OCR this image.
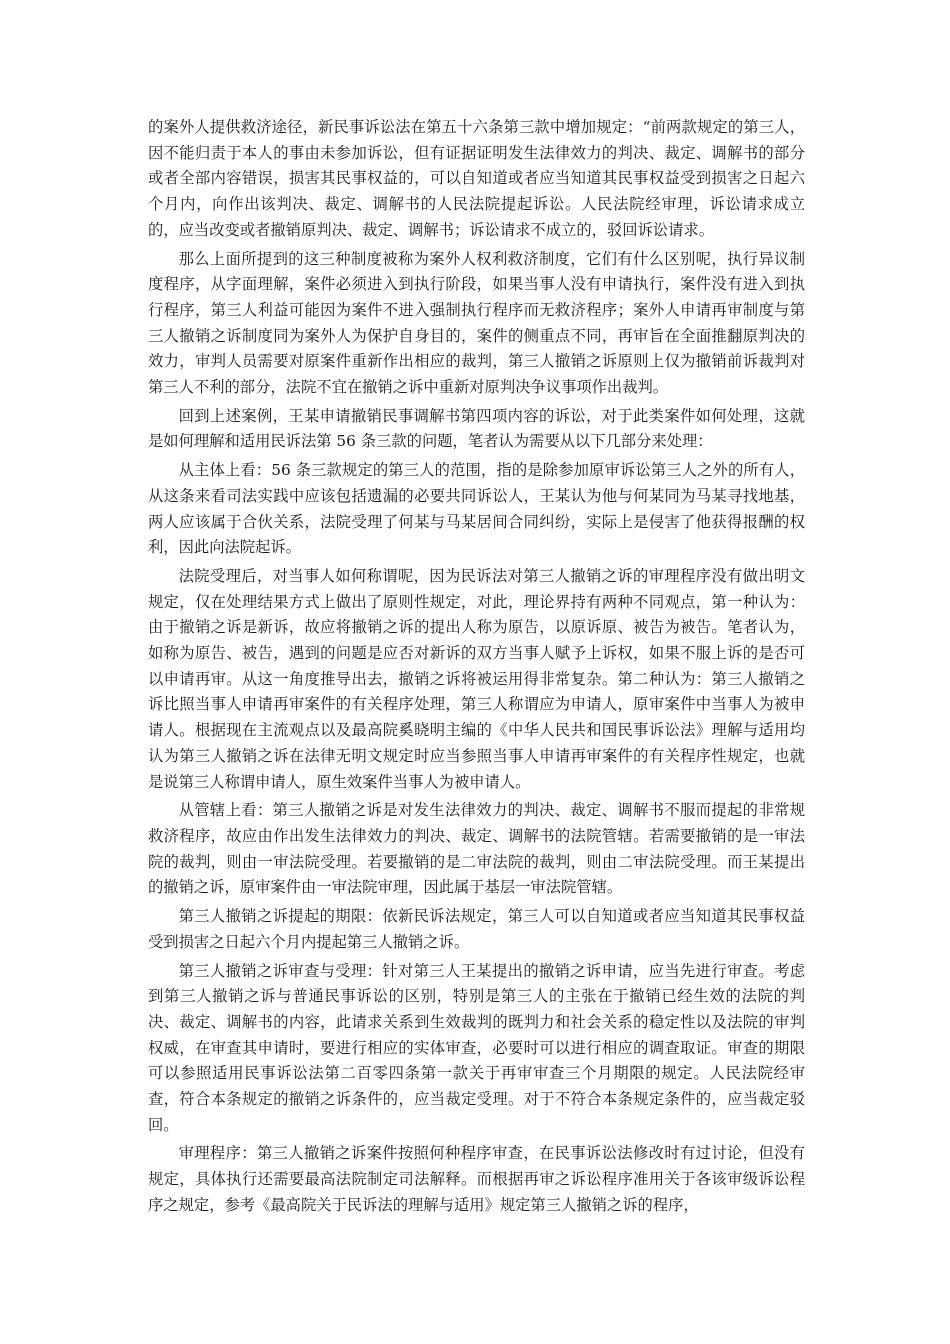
的案外人提供救济途径，新民事诉讼法在第五十六条第三款中增加规定：“前两款规定的第三人，因不能归责于本人的事由未参加诉讼，但有证据证明发生法律效力的判决、裁定、调解书的部分或者全部内容错误，损害其民事权益的，可以自知道或者应当知道其民事权益受到损害之日起六个月内，向作出该判决、裁定、调解书的人民法院提起诉讼。人民法院经审理，诉讼请求成立的，应当改变或者撤销原判决、裁定、调解书；诉讼请求不成立的，驳回诉讼请求。

那么上面所提到的这三种制度被称为案外人权利救济制度，它们有什么区别呢，执行异议制度程序，从字面理解，案件必须进入到执行阶段，如果当事人没有申请执行，案件没有进入到执行程序，第三人利益可能因为案件不进入强制执行程序而无救济程序；案外人申请再审制度与第三人撤销之诉制度同为案外人为保护自身目的，案件的侧重点不同，再审旨在全面推翻原判决的效力，审判人员需要对原案件重新作出相应的裁判，第三人撤销之诉原则上仅为撤销前诉裁判对第三人不利的部分，法院不宜在撤销之诉中重新对原判决争议事项作出裁判。

回到上述案例，王某申请撤销民事调解书第四项内容的诉讼，对于此类案件如何处理，这就是如何理解和适用民诉法第 56 条三款的问题，笔者认为需要从以下几部分来处理：

从主体上看：56 条三款规定的第三人的范围，指的是除参加原审诉讼第三人之外的所有人，从这条来看司法实践中应该包括遗漏的必要共同诉讼人，王某认为他与何某同为马某寻找地基，两人应该属于合伙关系，法院受理了何某与马某居间合同纠纷，实际上是侵害了他获得报酬的权利，因此向法院起诉。

法院受理后，对当事人如何称谓呢，因为民诉法对第三人撤销之诉的审理程序没有做出明文规定，仅在处理结果方式上做出了原则性规定，对此，理论界持有两种不同观点，第一种认为：由于撤销之诉是新诉，故应将撤销之诉的提出人称为原告，以原诉原、被告为被告。笔者认为，如称为原告、被告，遇到的问题是应否对新诉的双方当事人赋予上诉权，如果不服上诉的是否可以申请再审。从这一角度推导出去，撤销之诉将被运用得非常复杂。第二种认为：第三人撤销之诉比照当事人申请再审案件的有关程序处理，第三人称谓应为申请人，原审案件中当事人为被申请人。根据现在主流观点以及最高院奚晓明主编的《中华人民共和国民事诉讼法》理解与适用均认为第三人撤销之诉在法律无明文规定时应当参照当事人申请再审案件的有关程序性规定，也就是说第三人称谓申请人，原生效案件当事人为被申请人。

从管辖上看：第三人撤销之诉是对发生法律效力的判决、裁定、调解书不服而提起的非常规救济程序，故应由作出发生法律效力的判决、裁定、调解书的法院管辖。若需要撤销的是一审法院的裁判，则由一审法院受理。若要撤销的是二审法院的裁判，则由二审法院受理。而王某提出的撤销之诉，原审案件由一审法院审理，因此属于基层一审法院管辖。

第三人撤销之诉提起的期限：依新民诉法规定，第三人可以自知道或者应当知道其民事权益受到损害之日起六个月内提起第三人撤销之诉。

第三人撤销之诉审查与受理：针对第三人王某提出的撤销之诉申请，应当先进行审查。考虑到第三人撤销之诉与普通民事诉讼的区别，特别是第三人的主张在于撤销已经生效的法院的判决、裁定、调解书的内容，此请求关系到生效裁判的既判力和社会关系的稳定性以及法院的审判权威，在审查其申请时，要进行相应的实体审查，必要时可以进行相应的调查取证。审查的期限可以参照适用民事诉讼法第二百零四条第一款关于再审审查三个月期限的规定。人民法院经审查，符合本条规定的撤销之诉条件的，应当裁定受理。对于不符合本条规定条件的，应当裁定驳回。

审理程序：第三人撤销之诉案件按照何种程序审查，在民事诉讼法修改时有过讨论，但没有规定，具体执行还需要最高法院制定司法解释。而根据再审之诉讼程序准用关于各该审级诉讼程序之规定，参考《最高院关于民诉法的理解与适用》规定第三人撤销之诉的程序，
